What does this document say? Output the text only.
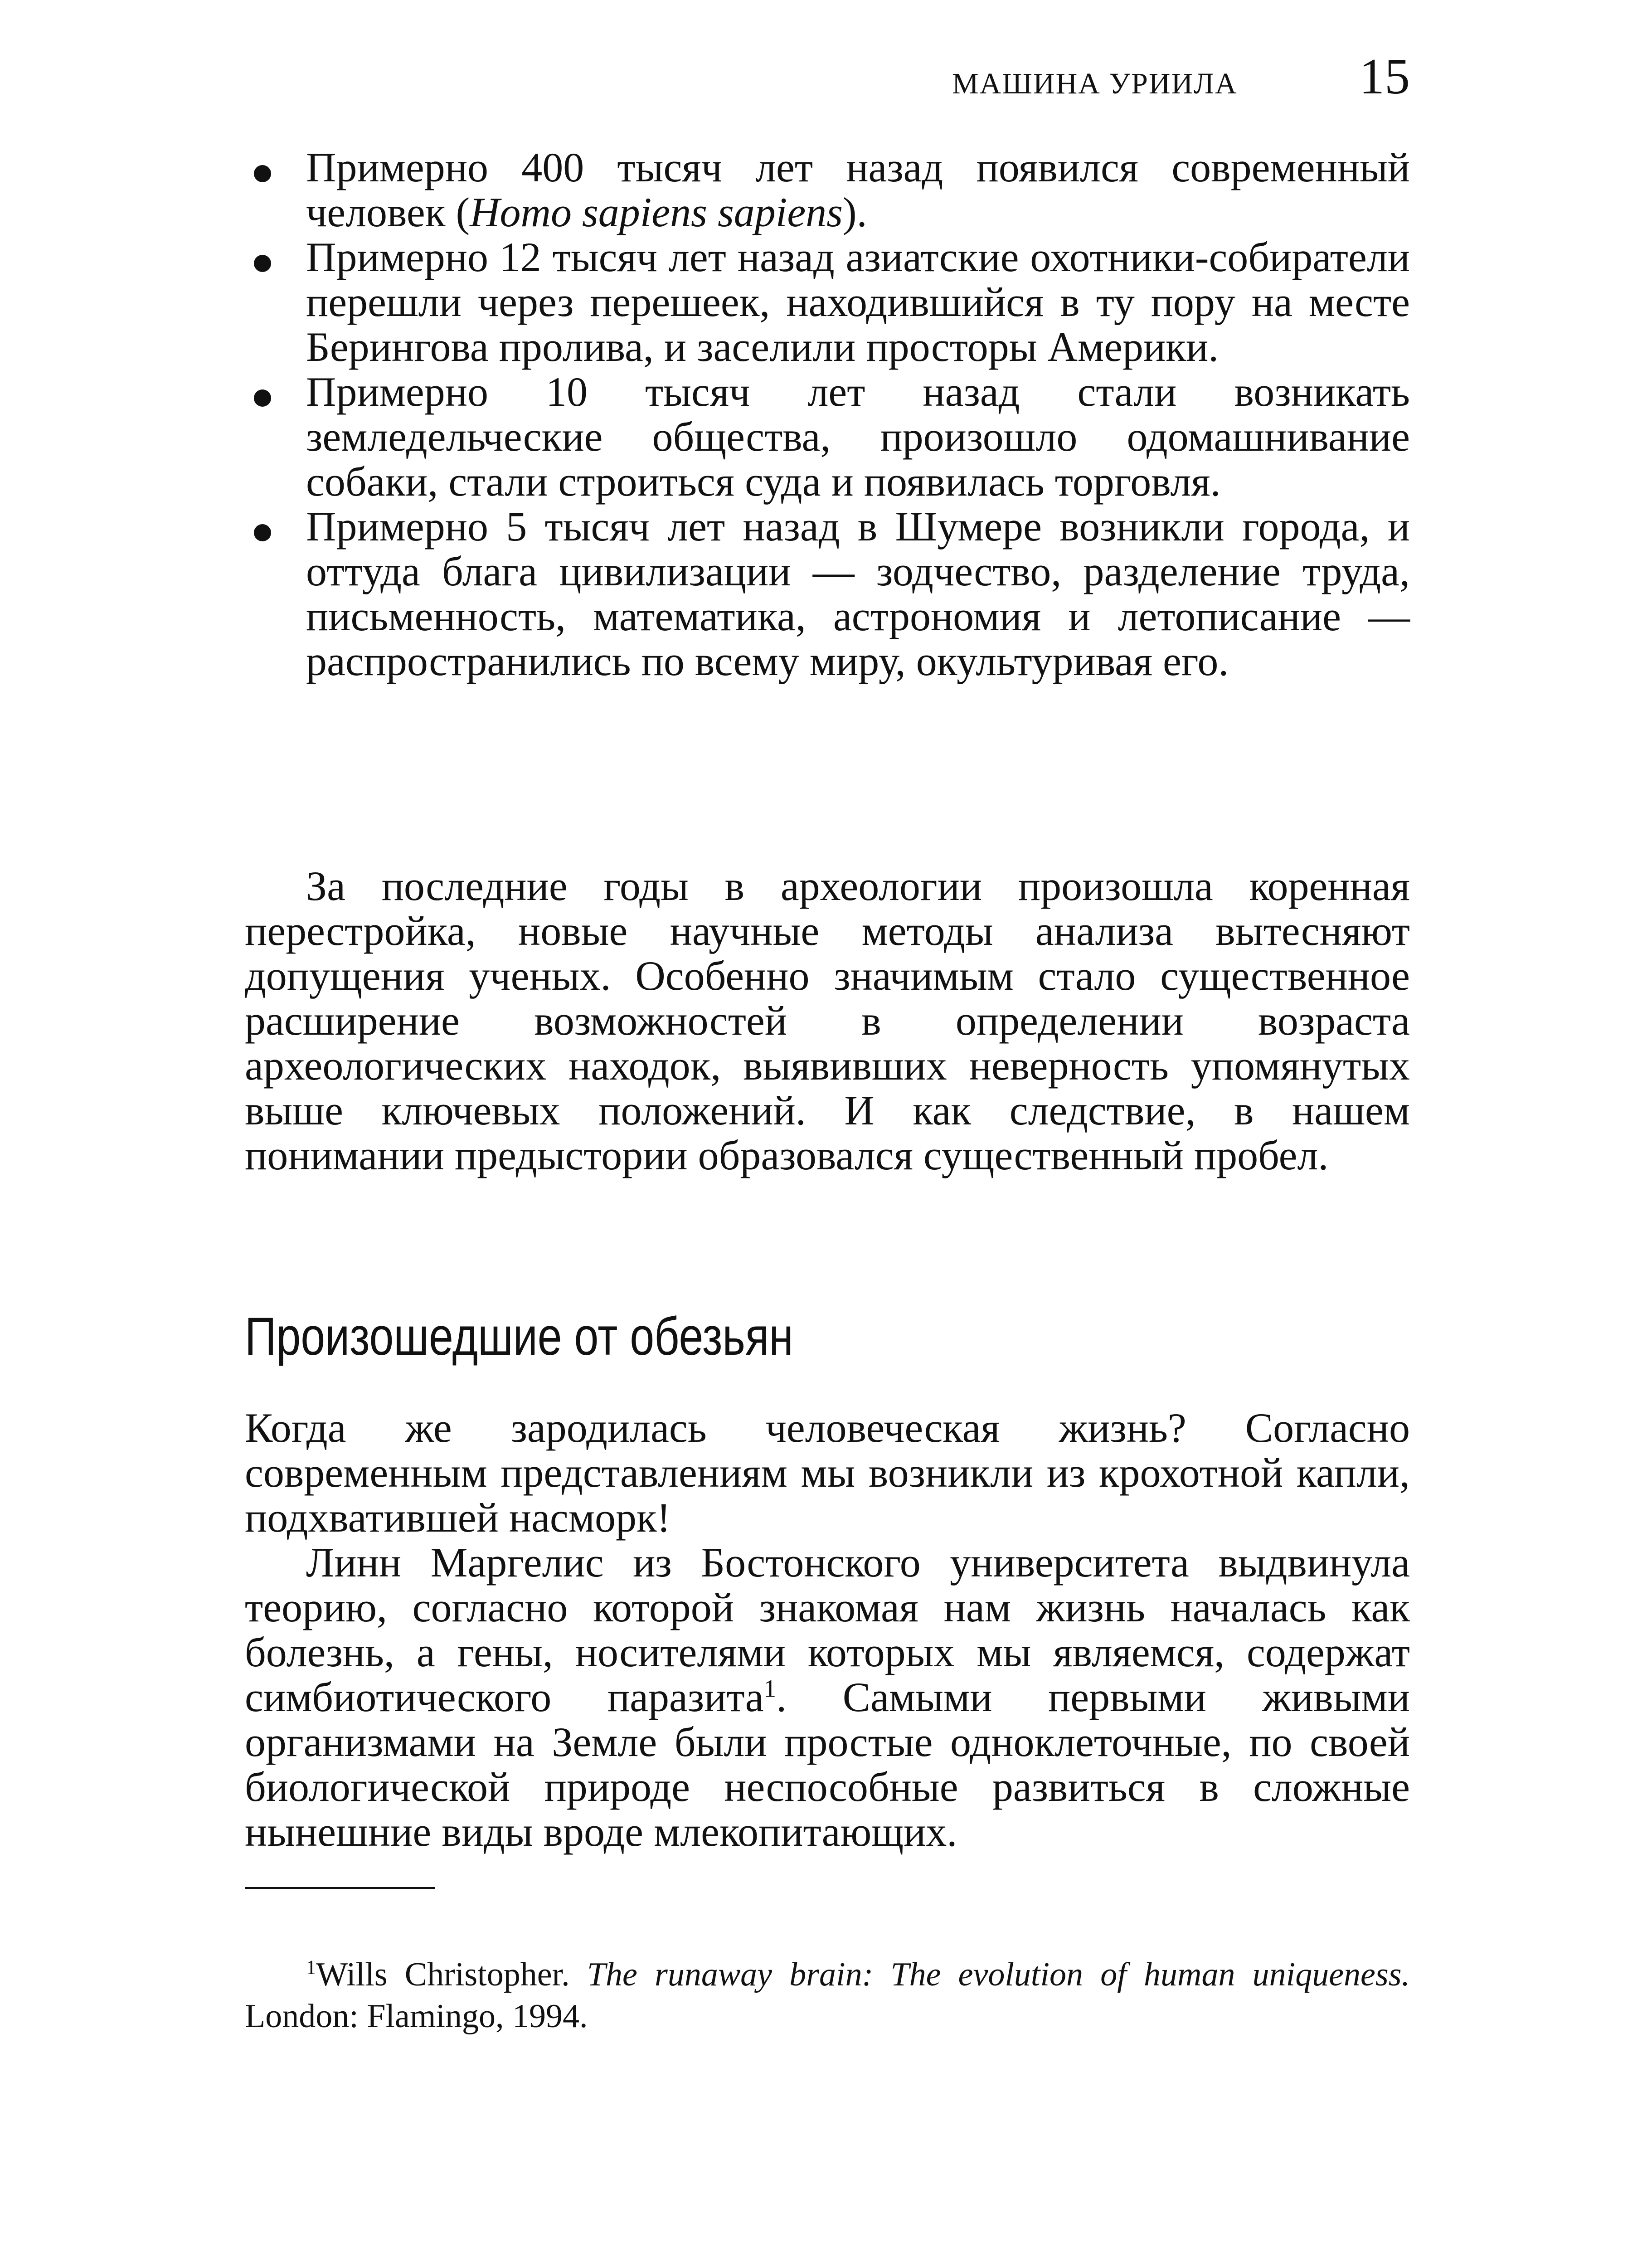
МАШИНА УРИИЛА 15
Примерно 400 тысяч лет назад появился современный человек (Homo sapiens sapiens).
Примерно 12 тысяч лет назад азиатские охотники-собиратели перешли через перешеек, находившийся в ту пору на месте Берингова пролива, и заселили просторы Америки.
Примерно 10 тысяч лет назад стали возникать земледельческие общества, произошло одомашнивание собаки, стали строиться суда и появилась торговля.
Примерно 5 тысяч лет назад в Шумере возникли города, и оттуда блага цивилизации — зодчество, разделение труда, письменность, математика, астрономия и летописание — распространились по всему миру, окультуривая его.

За последние годы в археологии произошла коренная перестройка, новые научные методы анализа вытесняют допущения ученых. Особенно значимым стало существенное расширение возможностей в определении возраста археологических находок, выявивших неверность упомянутых выше ключевых положений. И как следствие, в нашем понимании предыстории образовался существенный пробел.

Произошедшие от обезьян

Когда же зародилась человеческая жизнь? Согласно современным представлениям мы возникли из крохотной капли, подхватившей насморк!

Линн Маргелис из Бостонского университета выдвинула теорию, согласно которой знакомая нам жизнь началась как болезнь, а гены, носителями которых мы являемся, содержат симбиотического паразита$^1$. Самыми первыми живыми организмами на Земле были простые одноклеточные, по своей биологической природе неспособные развиться в сложные нынешние виды вроде млекопитающих.

$^1$Wills Christopher. The runaway brain: The evolution of human uniqueness. London: Flamingo, 1994.
